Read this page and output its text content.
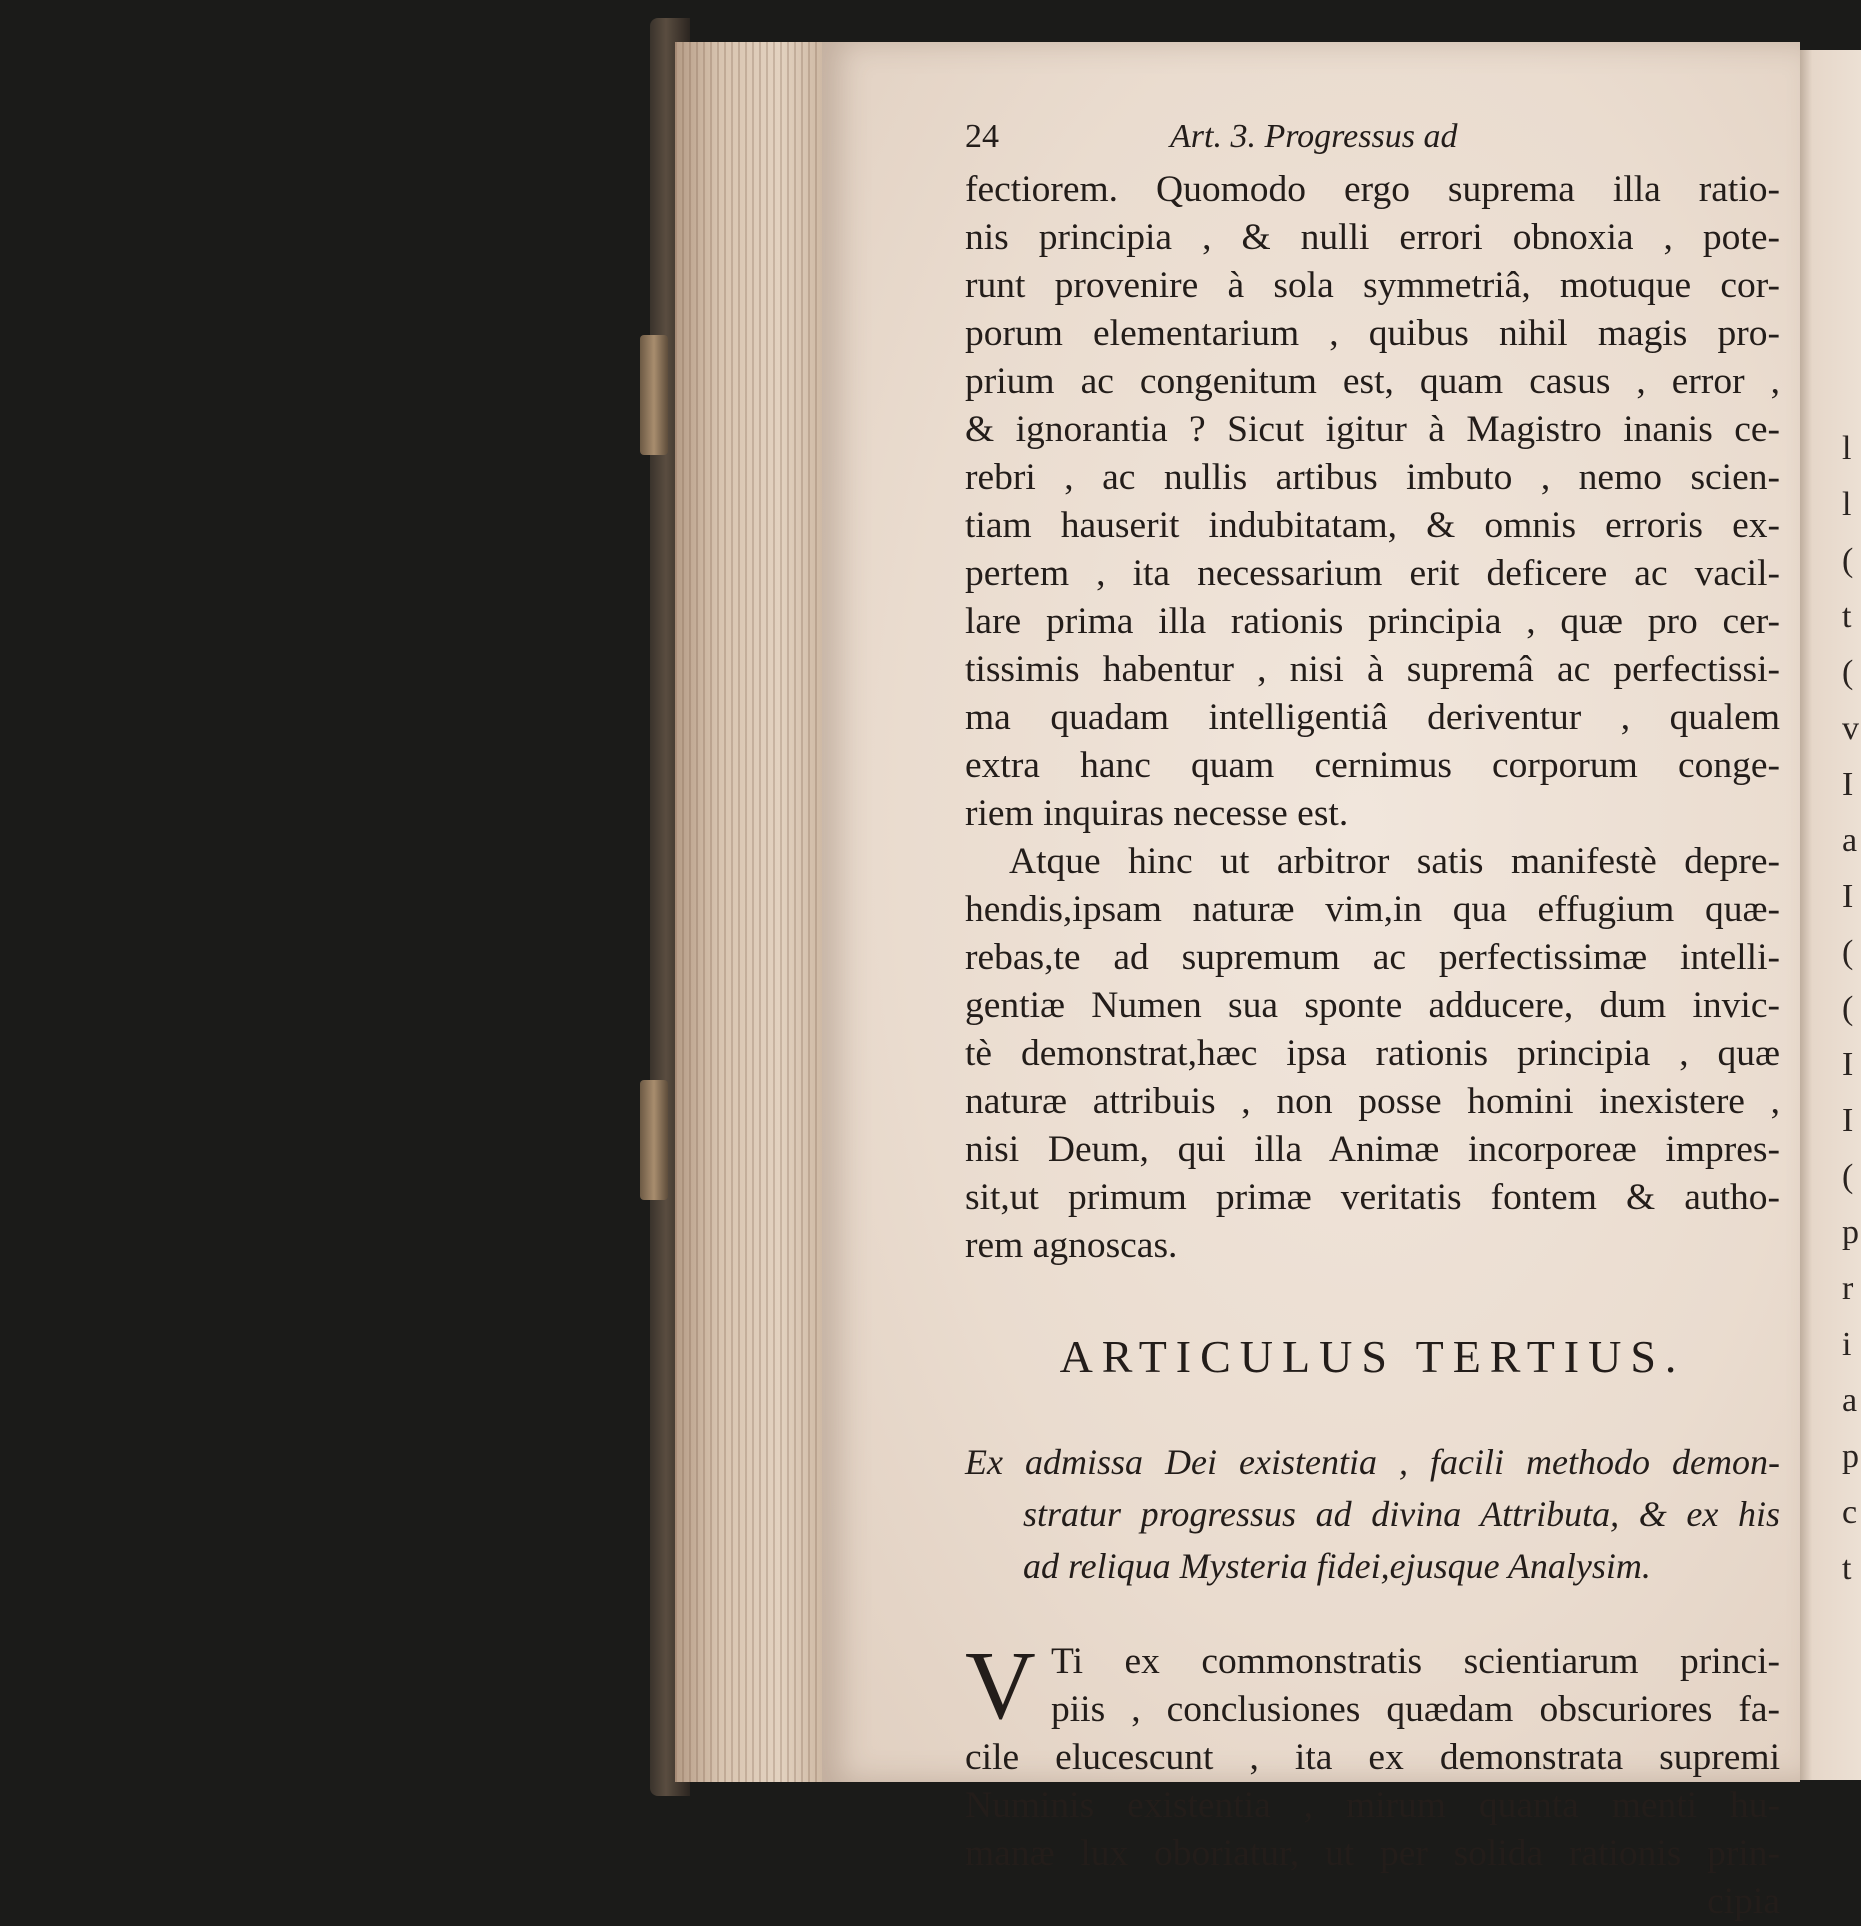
l
l
(
t
(
v
I
a
I
(
(
I
I
(
p
r
i
a
p
c
t
24	Art. 3. Progressus ad
fectiorem. Quomodo ergo suprema illa ratio-
nis principia , & nulli errori obnoxia , pote-
runt provenire à sola symmetriâ, motuque cor-
porum elementarium , quibus nihil magis pro-
prium ac congenitum est, quam casus , error ,
& ignorantia ? Sicut igitur à Magistro inanis ce-
rebri , ac nullis artibus imbuto , nemo scien-
tiam hauserit indubitatam, & omnis erroris ex-
pertem , ita necessarium erit deficere ac vacil-
lare prima illa rationis principia , quæ pro cer-
tissimis habentur , nisi à supremâ ac perfectissi-
ma quadam intelligentiâ deriventur , qualem
extra hanc quam cernimus corporum conge-
riem inquiras necesse est.
Atque hinc ut arbitror satis manifestè depre-
hendis,ipsam naturæ vim,in qua effugium quæ-
rebas,te ad supremum ac perfectissimæ intelli-
gentiæ Numen sua sponte adducere, dum invic-
tè demonstrat,hæc ipsa rationis principia , quæ
naturæ attribuis , non posse homini inexistere ,
nisi Deum, qui illa Animæ incorporeæ impres-
sit,ut primum primæ veritatis fontem & autho-
rem agnoscas.
ARTICULUS TERTIUS.
Ex admissa Dei existentia , facili methodo demon-
stratur progressus ad divina Attributa, & ex his
ad reliqua Mysteria fidei,ejusque Analysim.
V Ti ex commonstratis scientiarum princi-
piis , conclusiones quædam obscuriores fa-
cile elucescunt , ita ex demonstrata supremi
Numinis existentia , mirum quanta menti hu-
manæ lux oboriatur, ut per solida rationis prin-
cipia
